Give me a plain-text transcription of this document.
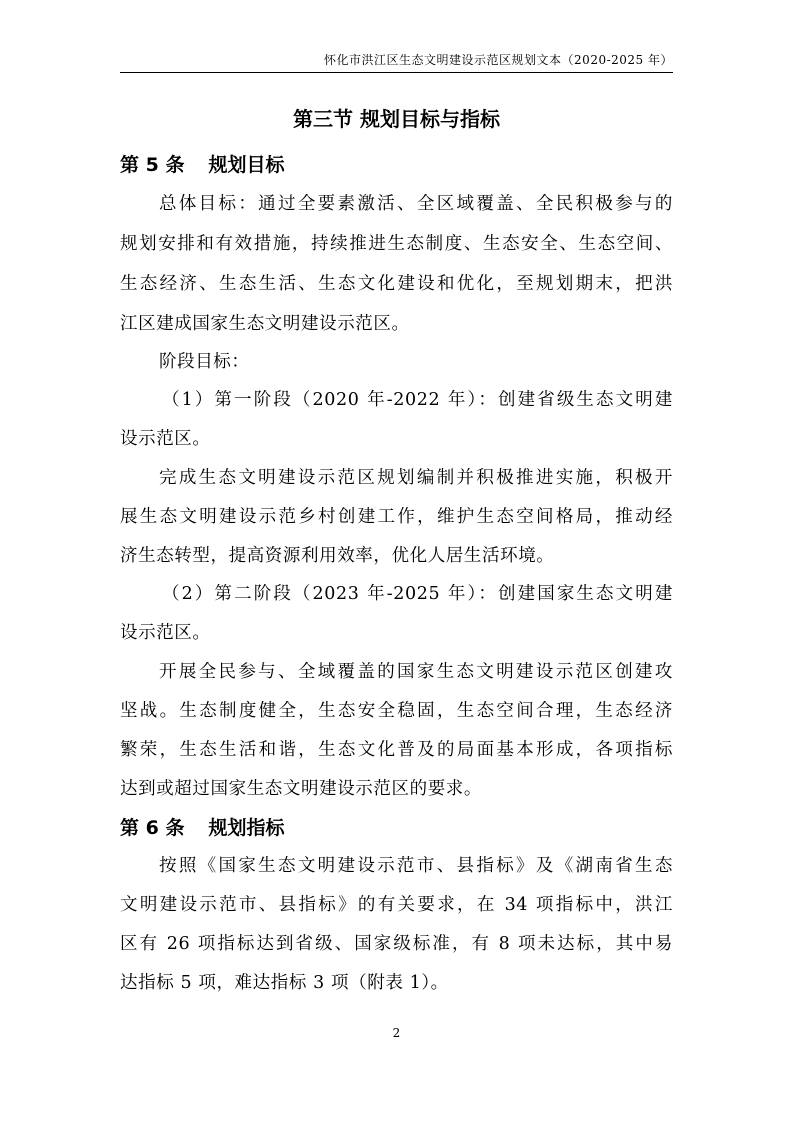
怀化市洪江区生态文明建设示范区规划文本（2020-2025 年）
第三节 规划目标与指标
第 5 条 规划目标
总体目标：通过全要素激活、全区域覆盖、全民积极参与的
规划安排和有效措施，持续推进生态制度、生态安全、生态空间、
生态经济、生态生活、生态文化建设和优化，至规划期末，把洪
江区建成国家生态文明建设示范区。
阶段目标：
（1）第一阶段（2020 年-2022 年）：创建省级生态文明建
设示范区。
完成生态文明建设示范区规划编制并积极推进实施，积极开
展生态文明建设示范乡村创建工作，维护生态空间格局，推动经
济生态转型，提高资源利用效率，优化人居生活环境。
（2）第二阶段（2023 年-2025 年）：创建国家生态文明建
设示范区。
开展全民参与、全域覆盖的国家生态文明建设示范区创建攻
坚战。生态制度健全，生态安全稳固，生态空间合理，生态经济
繁荣，生态生活和谐，生态文化普及的局面基本形成，各项指标
达到或超过国家生态文明建设示范区的要求。
第 6 条 规划指标
按照《国家生态文明建设示范市、县指标》及《湖南省生态
文明建设示范市、县指标》的有关要求，在 34 项指标中，洪江
区有 26 项指标达到省级、国家级标准，有 8 项未达标，其中易
达指标 5 项，难达指标 3 项（附表 1）。
2
